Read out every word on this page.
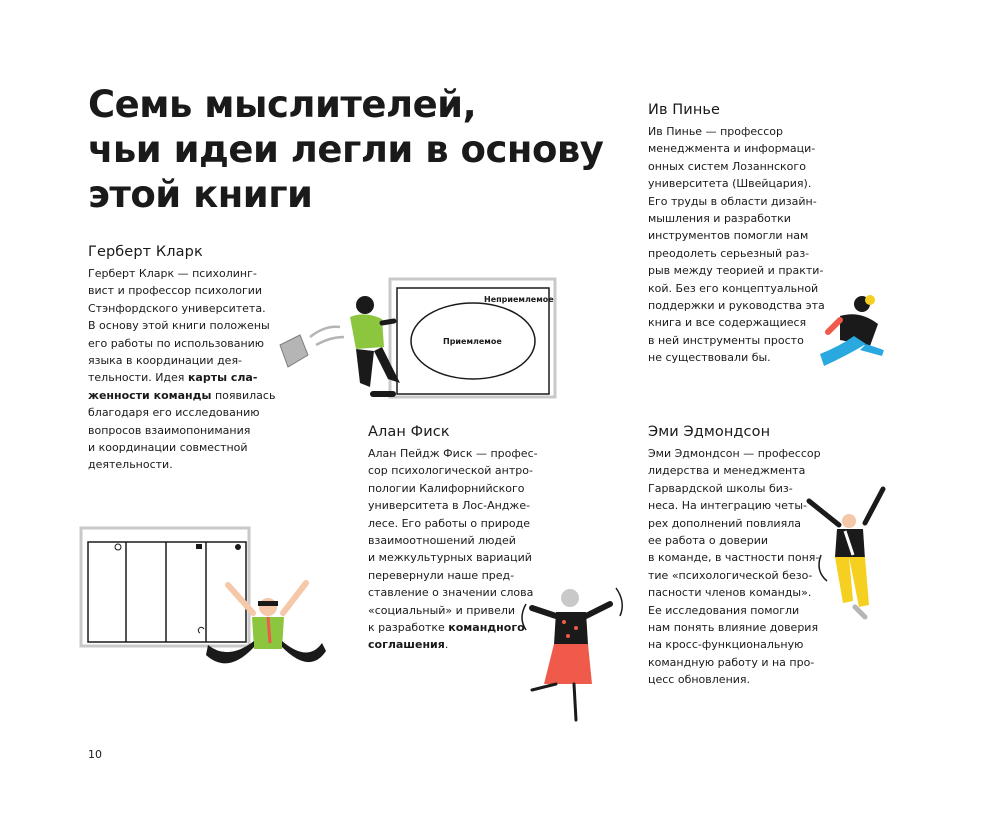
Семь мыслителей,
чьи идеи легли в основу
этой книги
Герберт Кларк
Герберт Кларк — психолинг-
вист и профессор психологии
Стэнфордского университета.
В основу этой книги положены
его работы по использованию
языка в координации дея-
тельности. Идея карты сла-
женности команды появилась
благодаря его исследованию
вопросов взаимопонимания
и координации совместной
деятельности.
Алан Фиск
Алан Пейдж Фиск — профес-
сор психологической антро-
пологии Калифорнийского
университета в Лос-Андже-
лесе. Его работы о природе
взаимоотношений людей
и межкультурных вариаций
перевернули наше пред-
ставление о значении слова
«социальный» и привели
к разработке командного
соглашения.
Ив Пинье
Ив Пинье — профессор
менеджмента и информаци-
онных систем Лозаннского
университета (Швейцария).
Его труды в области дизайн-
мышления и разработки
инструментов помогли нам
преодолеть серьезный раз-
рыв между теорией и практи-
кой. Без его концептуальной
поддержки и руководства эта
книга и все содержащиеся
в ней инструменты просто
не существовали бы.
Эми Эдмондсон
Эми Эдмондсон — профессор
лидерства и менеджмента
Гарвардской школы биз-
неса. На интеграцию четы-
рех дополнений повлияла
ее работа о доверии
в команде, в частности поня-
тие «психологической безо-
пасности членов команды».
Ее исследования помогли
нам понять влияние доверия
на кросс-функциональную
командную работу и на про-
цесс обновления.
Неприемлемое
Приемлемое
10
